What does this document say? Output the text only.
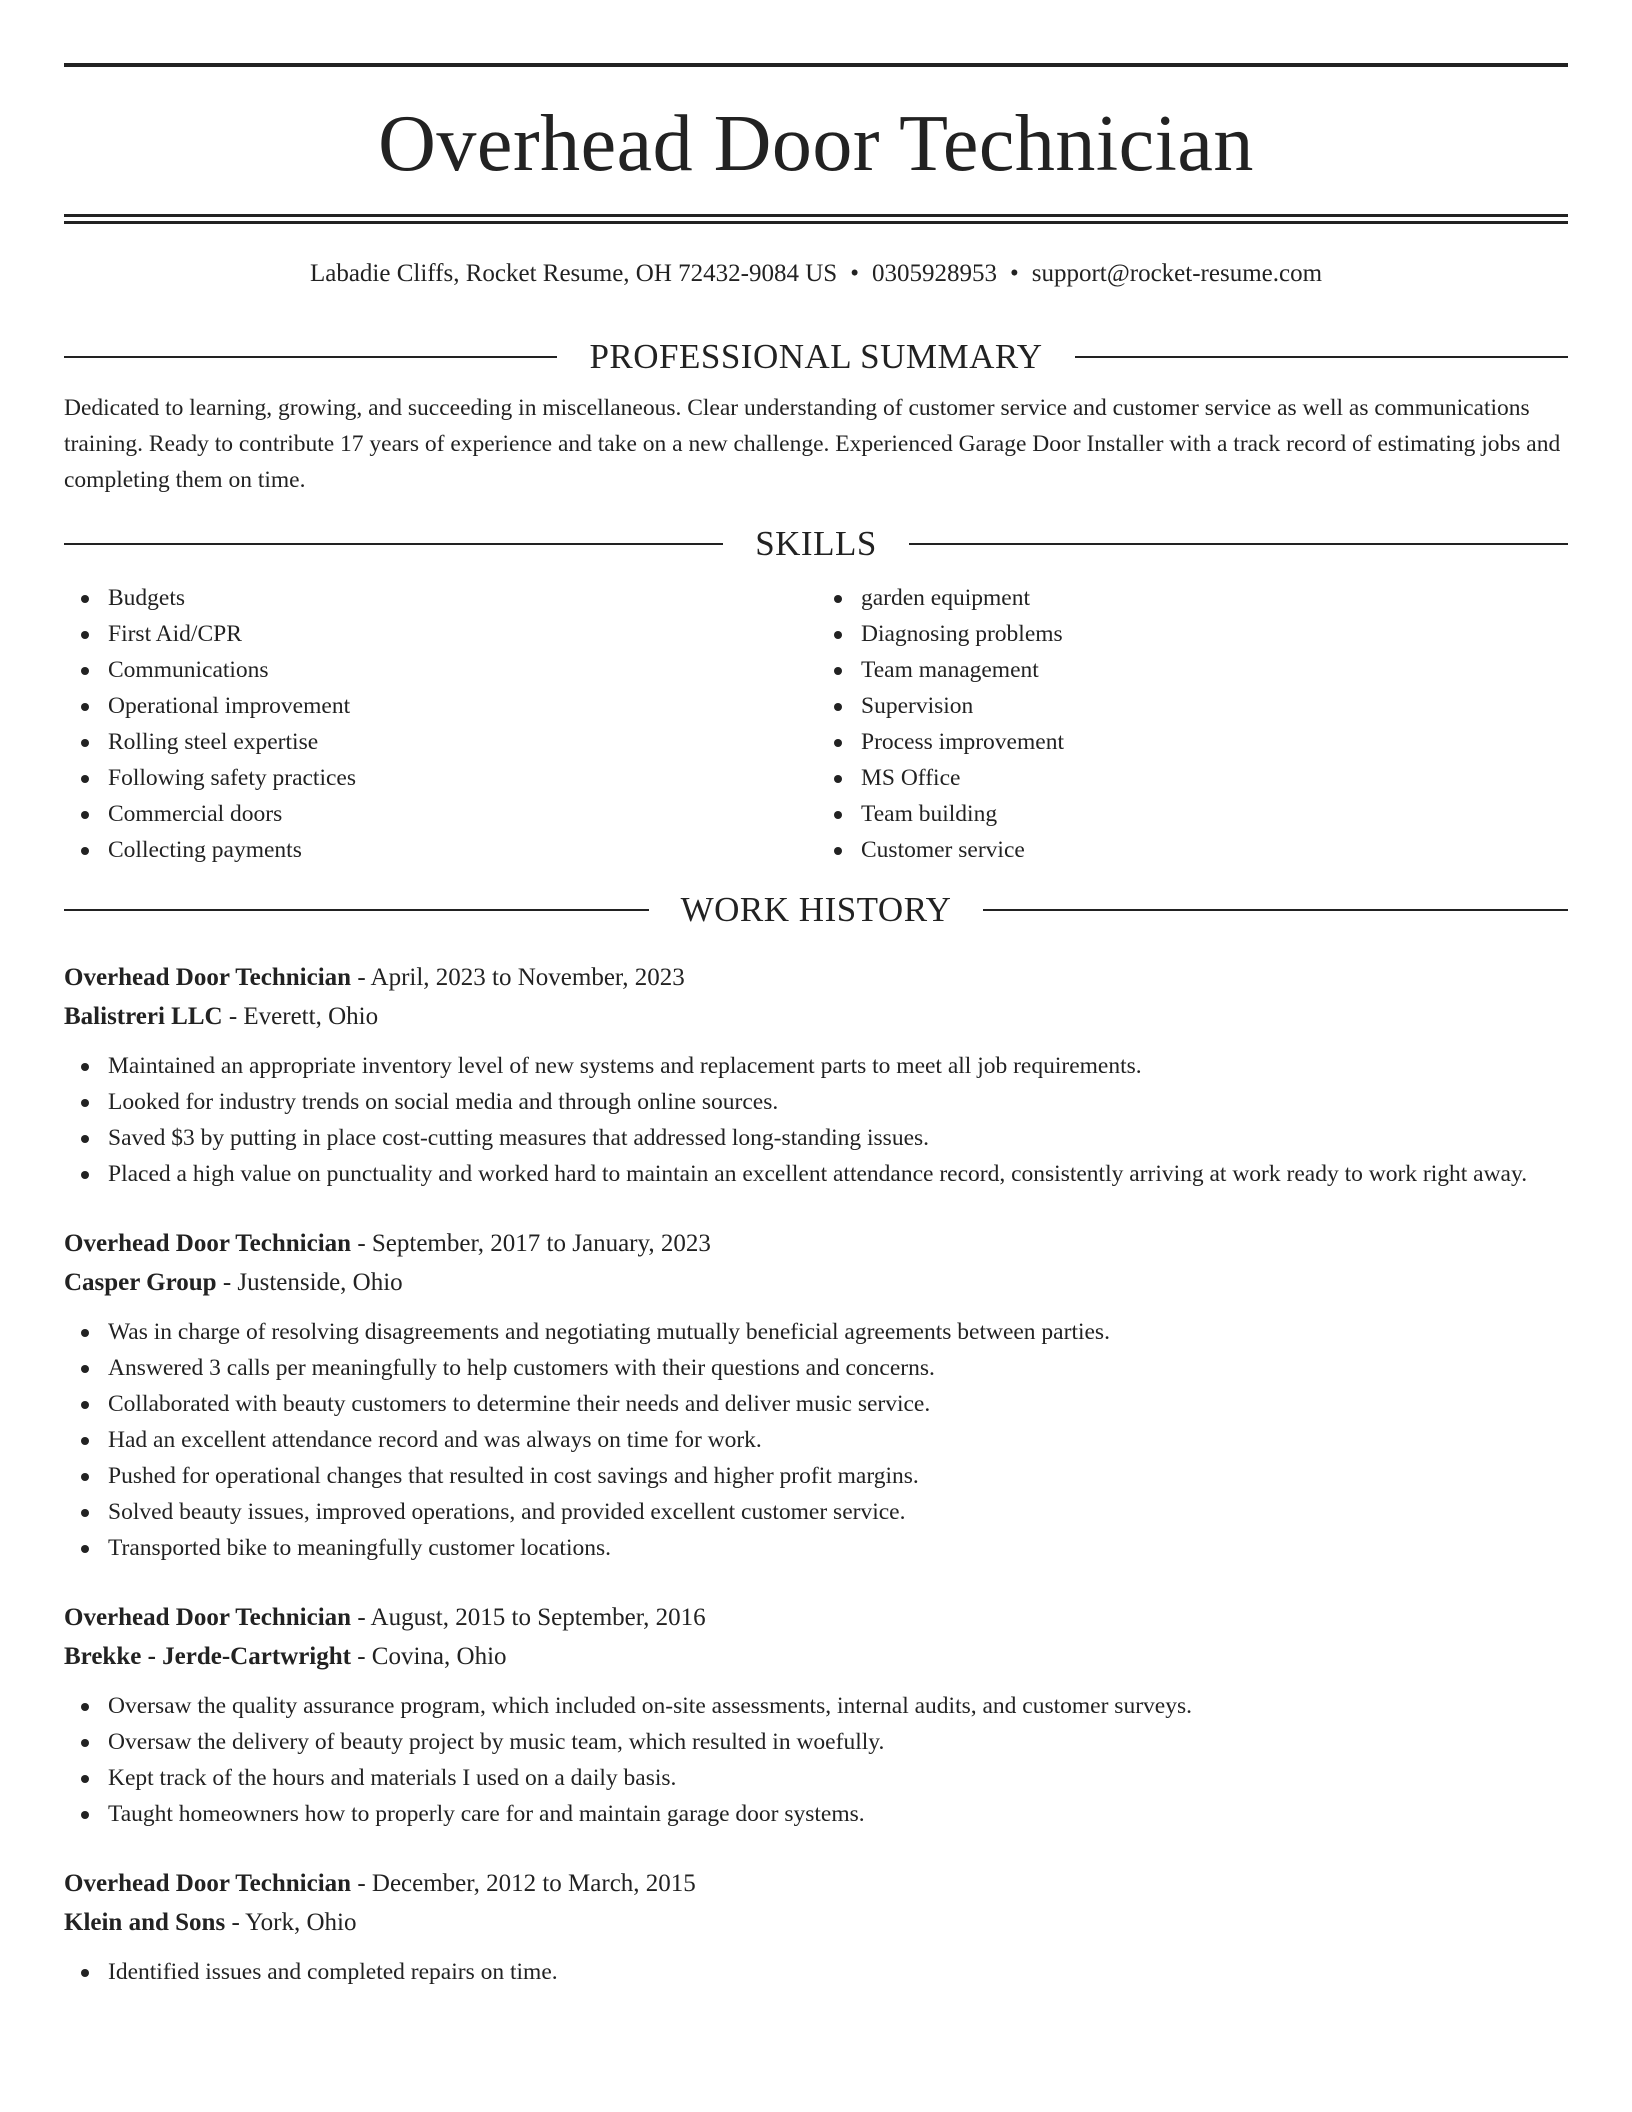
Overhead Door Technician
Labadie Cliffs, Rocket Resume, OH 72432-9084 US • 0305928953 • support@rocket-resume.com
PROFESSIONAL SUMMARY

Dedicated to learning, growing, and succeeding in miscellaneous. Clear understanding of customer service and customer service as well as communications training. Ready to contribute 17 years of experience and take on a new challenge. Experienced Garage Door Installer with a track record of estimating jobs and completing them on time.

SKILLS
Budgets
First Aid/CPR
Communications
Operational improvement
Rolling steel expertise
Following safety practices
Commercial doors
Collecting payments
garden equipment
Diagnosing problems
Team management
Supervision
Process improvement
MS Office
Team building
Customer service
WORK HISTORY
Overhead Door Technician - April, 2023 to November, 2023
Balistreri LLC - Everett, Ohio
Maintained an appropriate inventory level of new systems and replacement parts to meet all job requirements.
Looked for industry trends on social media and through online sources.
Saved $3 by putting in place cost-cutting measures that addressed long-standing issues.
Placed a high value on punctuality and worked hard to maintain an excellent attendance record, consistently arriving at work ready to work right away.
Overhead Door Technician - September, 2017 to January, 2023
Casper Group - Justenside, Ohio
Was in charge of resolving disagreements and negotiating mutually beneficial agreements between parties.
Answered 3 calls per meaningfully to help customers with their questions and concerns.
Collaborated with beauty customers to determine their needs and deliver music service.
Had an excellent attendance record and was always on time for work.
Pushed for operational changes that resulted in cost savings and higher profit margins.
Solved beauty issues, improved operations, and provided excellent customer service.
Transported bike to meaningfully customer locations.
Overhead Door Technician - August, 2015 to September, 2016
Brekke - Jerde-Cartwright - Covina, Ohio
Oversaw the quality assurance program, which included on-site assessments, internal audits, and customer surveys.
Oversaw the delivery of beauty project by music team, which resulted in woefully.
Kept track of the hours and materials I used on a daily basis.
Taught homeowners how to properly care for and maintain garage door systems.
Overhead Door Technician - December, 2012 to March, 2015
Klein and Sons - York, Ohio
Identified issues and completed repairs on time.
